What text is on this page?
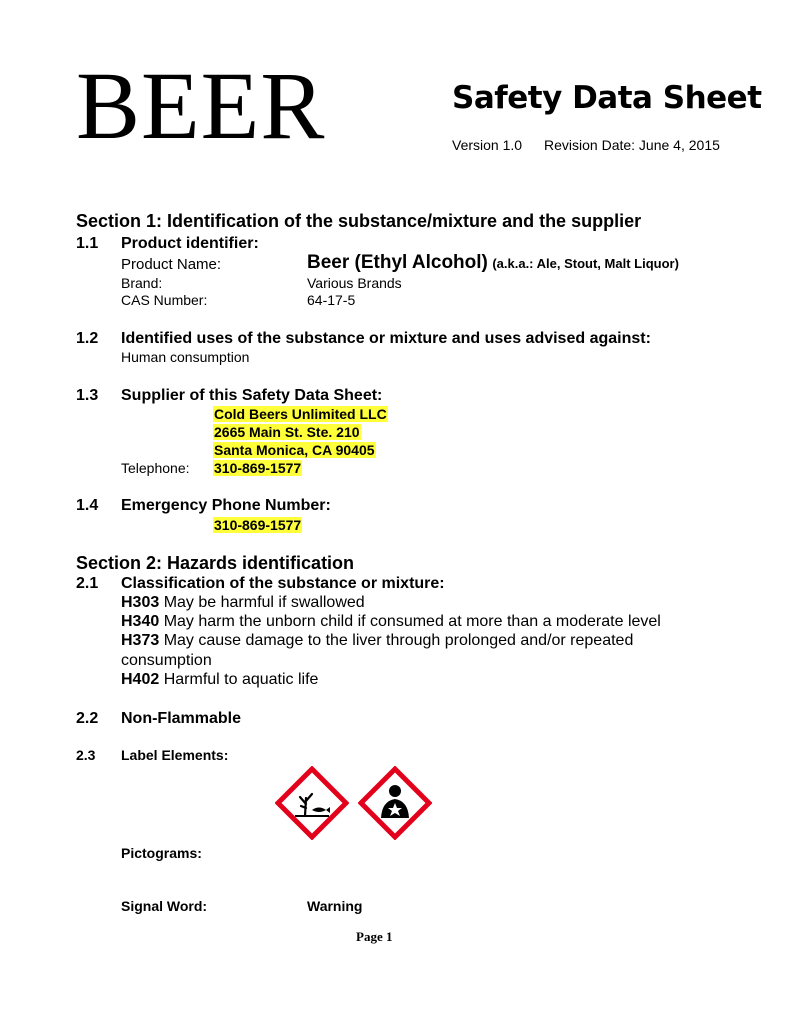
BEER	Safety Data Sheet
Version 1.0 Revision Date: June 4, 2015
Section 1: Identification of the substance/mixture and the supplier
1.1 Product identifier:
Product Name:	Beer (Ethyl Alcohol) (a.k.a.: Ale, Stout, Malt Liquor)
Brand:	Various Brands
CAS Number:	64-17-5
1.2 Identified uses of the substance or mixture and uses advised against:
Human consumption
1.3 Supplier of this Safety Data Sheet:
Cold Beers Unlimited LLC
2665 Main St. Ste. 210
Santa Monica, CA 90405
Telephone: 310-869-1577
1.4 Emergency Phone Number:
310-869-1577
Section 2: Hazards identification
2.1 Classification of the substance or mixture:
H303 May be harmful if swallowed
H340 May harm the unborn child if consumed at more than a moderate level
H373 May cause damage to the liver through prolonged and/or repeated
consumption
H402 Harmful to aquatic life
2.2 Non-Flammable
2.3 Label Elements:
Pictograms:
Signal Word:	Warning
Page 1
